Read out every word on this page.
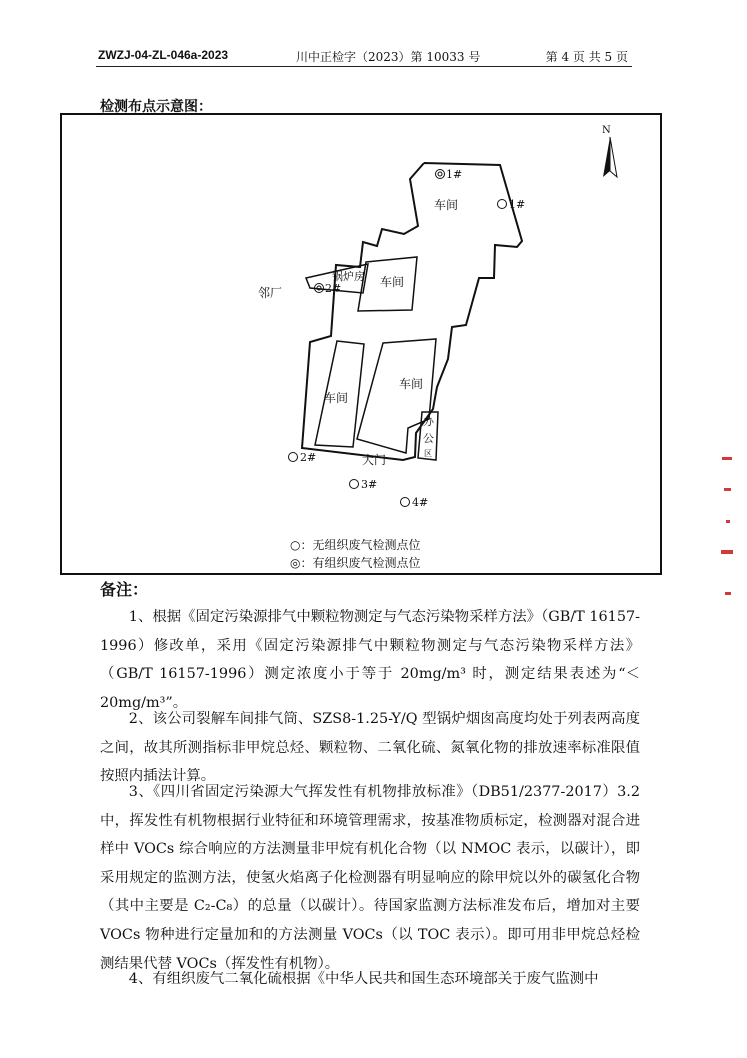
ZWZJ-04-ZL-046a-2023	川中正检字（2023）第 10033 号	第 4 页 共 5 页
检测布点示意图：
N
车间
锅炉房 车间
车间
车间
办
公
区
邻厂
大门
1#
2#
1#
2#
3#
4#
○：无组织废气检测点位
◎：有组织废气检测点位
备注：

1、根据《固定污染源排气中颗粒物测定与气态污染物采样方法》（GB/T 16157-1996）修改单，采用《固定污染源排气中颗粒物测定与气态污染物采样方法》（GB/T 16157-1996）测定浓度小于等于 20mg/m³ 时，测定结果表述为“＜20mg/m³”。

2、该公司裂解车间排气筒、SZS8-1.25-Y/Q 型锅炉烟囱高度均处于列表两高度之间，故其所测指标非甲烷总烃、颗粒物、二氧化硫、氮氧化物的排放速率标准限值按照内插法计算。

3、《四川省固定污染源大气挥发性有机物排放标准》（DB51/2377-2017）3.2 中，挥发性有机物根据行业特征和环境管理需求，按基准物质标定，检测器对混合进样中 VOCs 综合响应的方法测量非甲烷有机化合物（以 NMOC 表示，以碳计），即采用规定的监测方法，使氢火焰离子化检测器有明显响应的除甲烷以外的碳氢化合物（其中主要是 C₂-C₈）的总量（以碳计）。待国家监测方法标准发布后，增加对主要 VOCs 物种进行定量加和的方法测量 VOCs（以 TOC 表示）。即可用非甲烷总烃检测结果代替 VOCs（挥发性有机物）。

4、有组织废气二氧化硫根据《中华人民共和国生态环境部关于废气监测中
